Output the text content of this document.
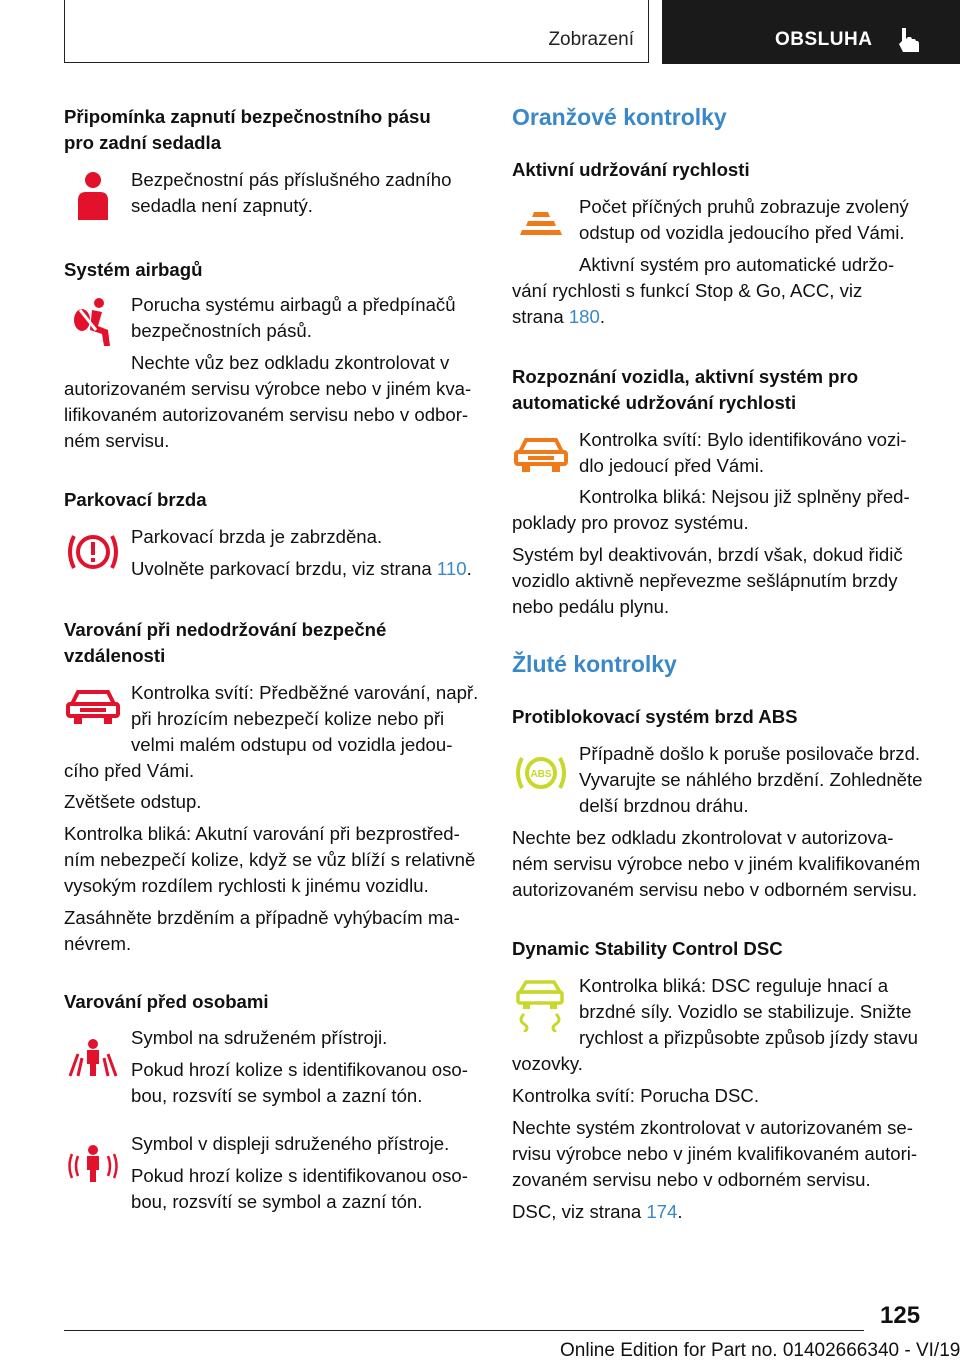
Zobrazení	OBSLUHA
Připomínka zapnutí bezpečnostního pásu
pro zadní sedadla
Bezpečnostní pás příslušného zadního
sedadla není zapnutý.
Systém airbagů
Porucha systému airbagů a předpínačů
bezpečnostních pásů.
Nechte vůz bez odkladu zkontrolovat v
autorizovaném servisu výrobce nebo v jiném kva-
lifikovaném autorizovaném servisu nebo v odbor-
ném servisu.
Parkovací brzda
Parkovací brzda je zabrzděna.
Uvolněte parkovací brzdu, viz strana 110.
Varování při nedodržování bezpečné
vzdálenosti
Kontrolka svítí: Předběžné varování, např.
při hrozícím nebezpečí kolize nebo při
velmi malém odstupu od vozidla jedou-
cího před Vámi.
Zvětšete odstup.
Kontrolka bliká: Akutní varování při bezprostřed-
ním nebezpečí kolize, když se vůz blíží s relativně
vysokým rozdílem rychlosti k jinému vozidlu.
Zasáhněte brzděním a případně vyhýbacím ma-
névrem.
Varování před osobami
Symbol na sdruženém přístroji.
Pokud hrozí kolize s identifikovanou oso-
bou, rozsvítí se symbol a zazní tón.
Symbol v displeji sdruženého přístroje.
Pokud hrozí kolize s identifikovanou oso-
bou, rozsvítí se symbol a zazní tón.
Oranžové kontrolky
Aktivní udržování rychlosti
Počet příčných pruhů zobrazuje zvolený
odstup od vozidla jedoucího před Vámi.
Aktivní systém pro automatické udržo-
vání rychlosti s funkcí Stop & Go, ACC, viz
strana 180.
Rozpoznání vozidla, aktivní systém pro
automatické udržování rychlosti
Kontrolka svítí: Bylo identifikováno vozi-
dlo jedoucí před Vámi.
Kontrolka bliká: Nejsou již splněny před-
poklady pro provoz systému.
Systém byl deaktivován, brzdí však, dokud řidič
vozidlo aktivně nepřevezme sešlápnutím brzdy
nebo pedálu plynu.
Žluté kontrolky
Protiblokovací systém brzd ABS
ABS
Případně došlo k poruše posilovače brzd.
Vyvarujte se náhlého brzdění. Zohledněte
delší brzdnou dráhu.
Nechte bez odkladu zkontrolovat v autorizova-
ném servisu výrobce nebo v jiném kvalifikovaném
autorizovaném servisu nebo v odborném servisu.
Dynamic Stability Control DSC
Kontrolka bliká: DSC reguluje hnací a
brzdné síly. Vozidlo se stabilizuje. Snižte
rychlost a přizpůsobte způsob jízdy stavu
vozovky.
Kontrolka svítí: Porucha DSC.
Nechte systém zkontrolovat v autorizovaném se-
rvisu výrobce nebo v jiném kvalifikovaném autori-
zovaném servisu nebo v odborném servisu.
DSC, viz strana 174.
125
Online Edition for Part no. 01402666340 - VI/19
